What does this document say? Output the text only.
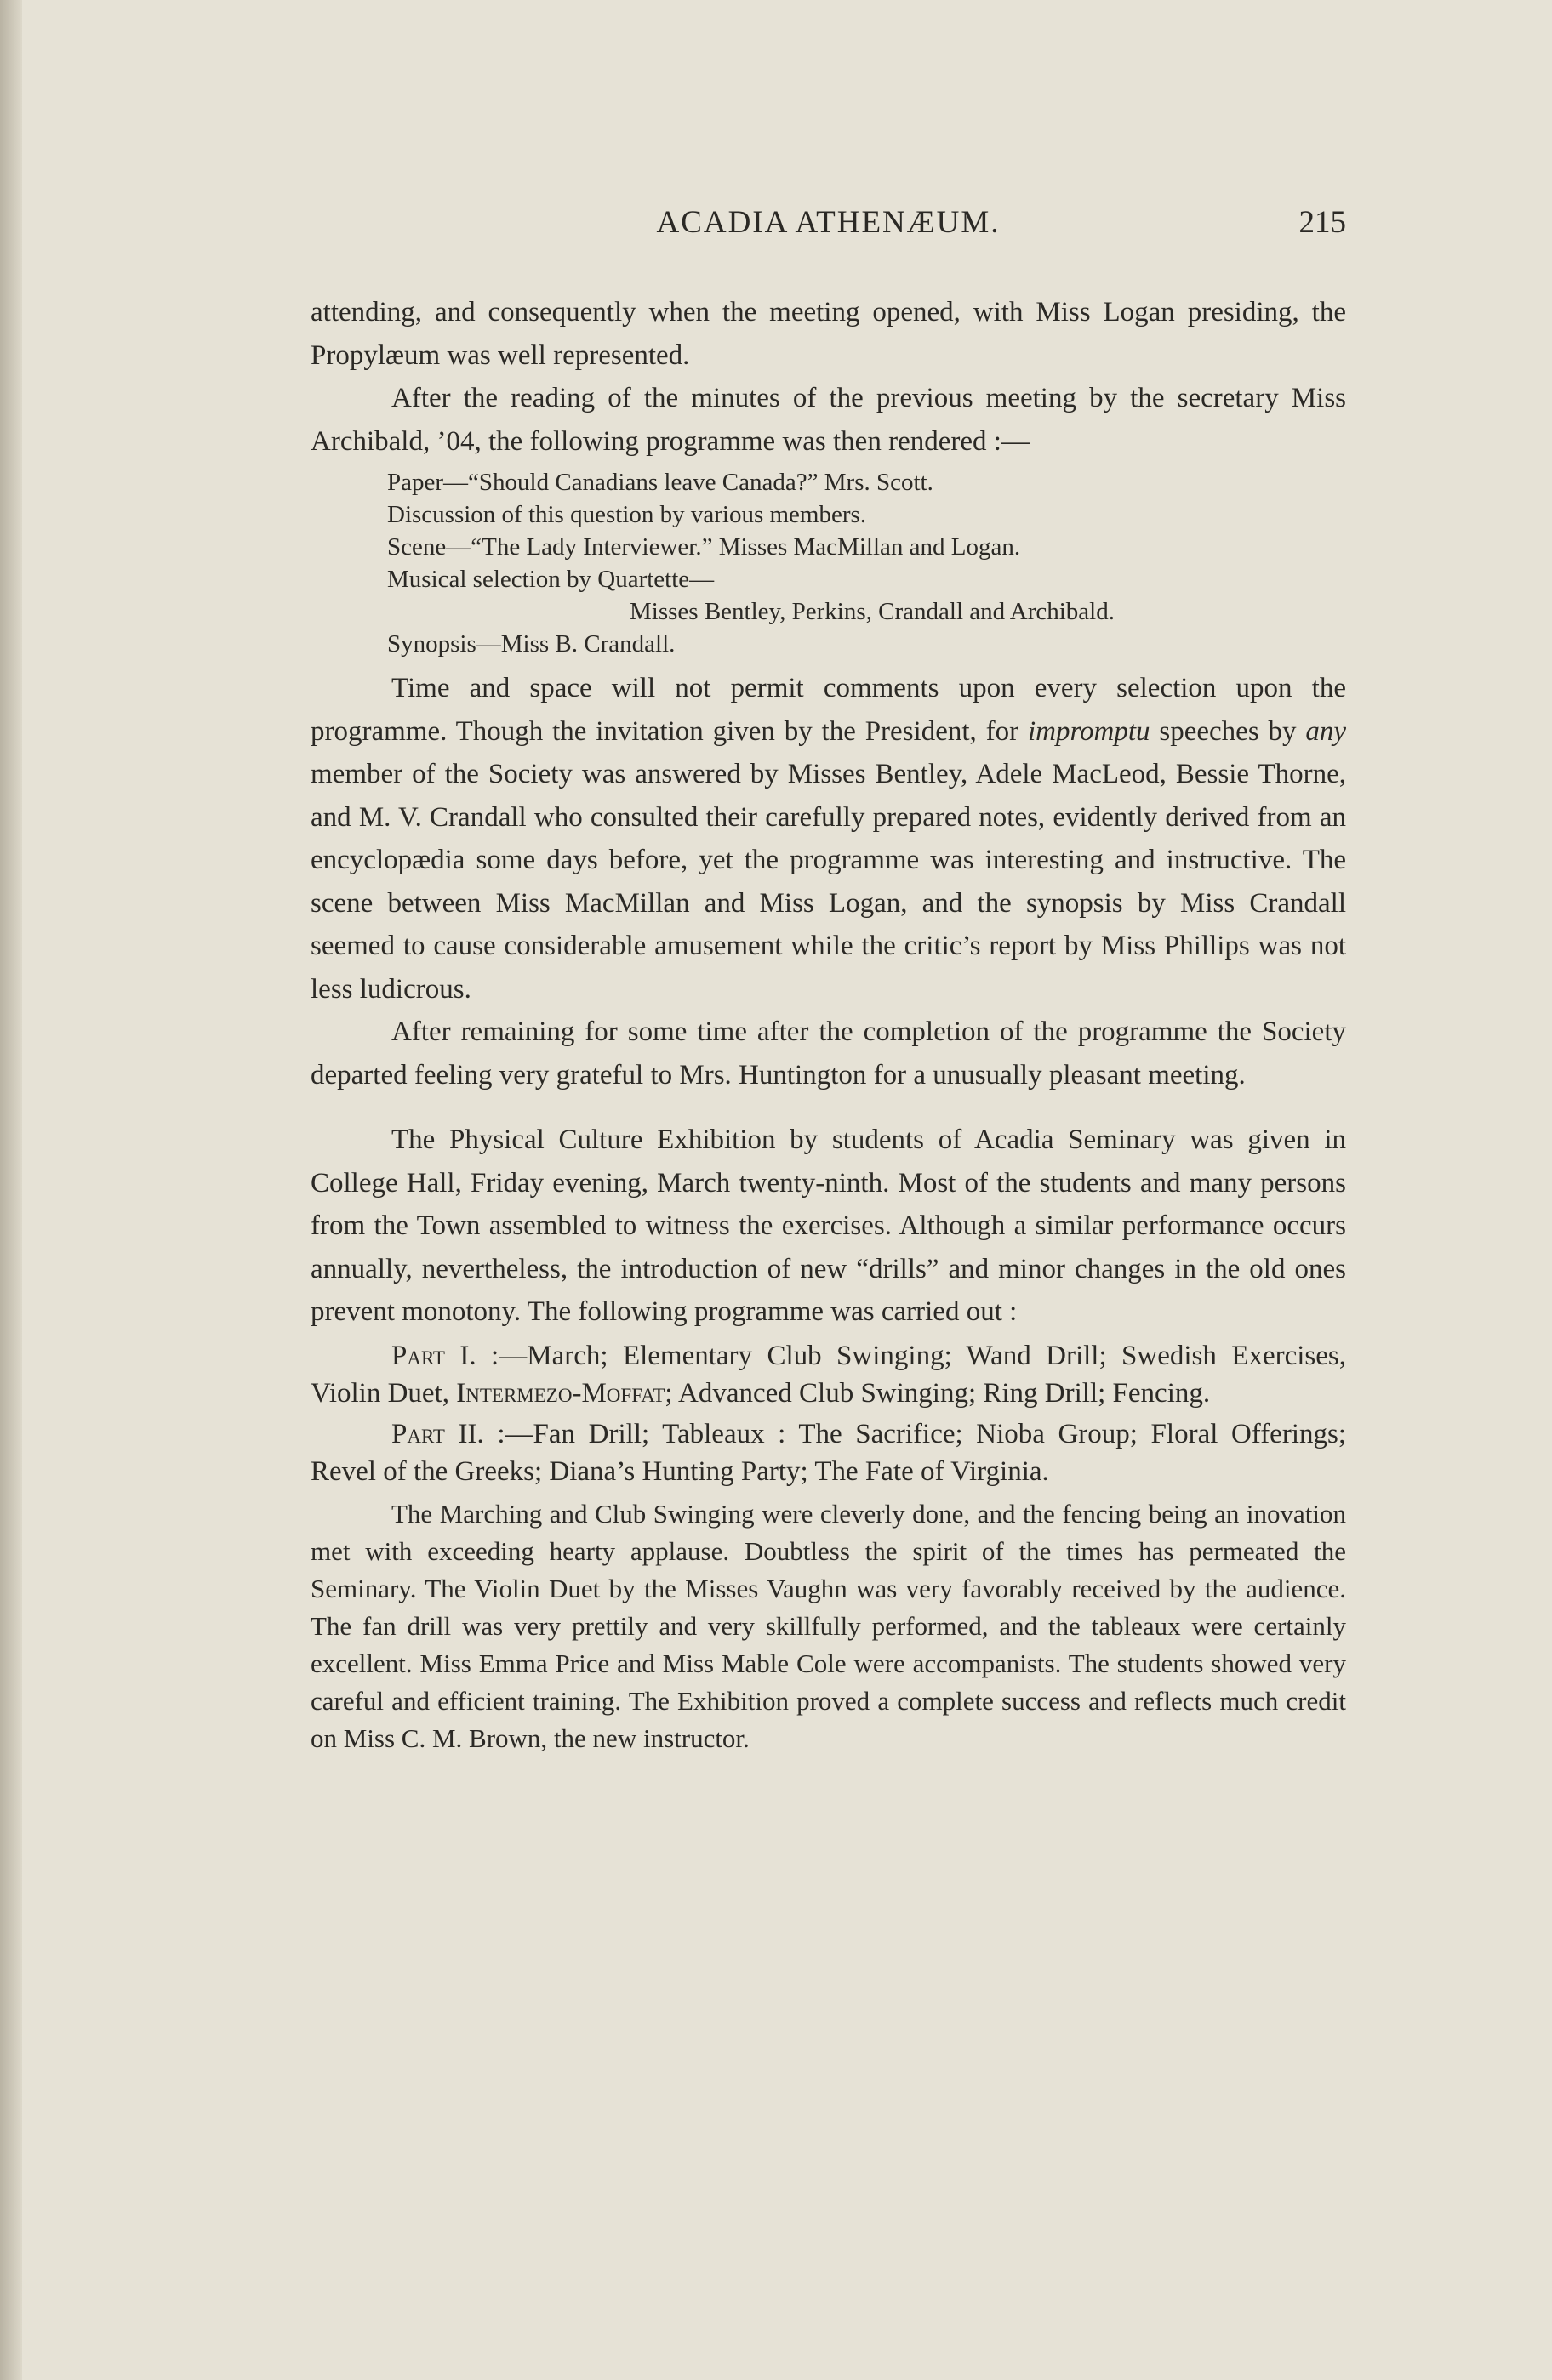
ACADIA ATHENÆUM.	215

attending, and consequently when the meeting opened, with Miss Logan presiding, the Propylæum was well represented.

After the reading of the minutes of the previous meeting by the secretary Miss Archibald, ’04, the following programme was then rendered :—

Paper—“Should Canadians leave Canada?” Mrs. Scott.
Discussion of this question by various members.
Scene—“The Lady Interviewer.” Misses MacMillan and Logan.
Musical selection by Quartette—
Misses Bentley, Perkins, Crandall and Archibald.
Synopsis—Miss B. Crandall.

Time and space will not permit comments upon every selection upon the programme. Though the invitation given by the President, for impromptu speeches by any member of the Society was answered by Misses Bentley, Adele MacLeod, Bessie Thorne, and M. V. Crandall who consulted their carefully prepared notes, evidently derived from an encyclopædia some days before, yet the programme was interesting and instructive. The scene between Miss MacMillan and Miss Logan, and the synopsis by Miss Crandall seemed to cause considerable amusement while the critic’s report by Miss Phillips was not less ludicrous.

After remaining for some time after the completion of the programme the Society departed feeling very grateful to Mrs. Huntington for a unusually pleasant meeting.

The Physical Culture Exhibition by students of Acadia Seminary was given in College Hall, Friday evening, March twenty-ninth. Most of the students and many persons from the Town assembled to witness the exercises. Although a similar performance occurs annually, nevertheless, the introduction of new “drills” and minor changes in the old ones prevent monotony. The following programme was carried out :

Part I. :—March; Elementary Club Swinging; Wand Drill; Swedish Exercises, Violin Duet, Intermezo-Moffat; Advanced Club Swinging; Ring Drill; Fencing.

Part II. :—Fan Drill; Tableaux : The Sacrifice; Nioba Group; Floral Offerings; Revel of the Greeks; Diana’s Hunting Party; The Fate of Virginia.

The Marching and Club Swinging were cleverly done, and the fencing being an inovation met with exceeding hearty applause. Doubtless the spirit of the times has permeated the Seminary. The Violin Duet by the Misses Vaughn was very favorably received by the audience. The fan drill was very prettily and very skillfully performed, and the tableaux were certainly excellent. Miss Emma Price and Miss Mable Cole were accompanists. The students showed very careful and efficient training. The Exhibition proved a complete success and reflects much credit on Miss C. M. Brown, the new instructor.
